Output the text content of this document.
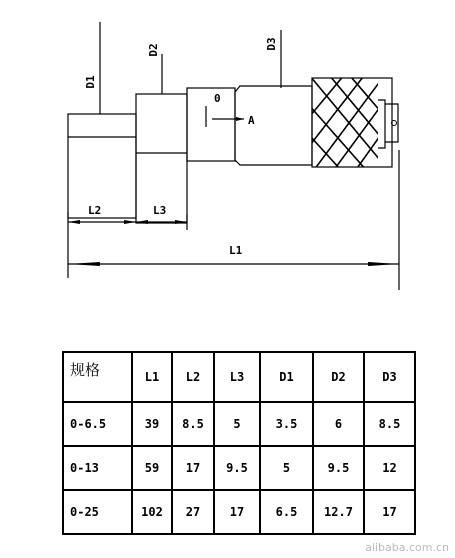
D1
D2	D3
0
A
L2	L3
L1
规格	L1	L2	L3	D1	D2	D3
0-6.5	39	8.5	5	3.5	6	8.5
0-13	59	17	9.5	5	9.5	12
0-25	102	27	17	6.5	12.7	17
alibaba.com.cn
